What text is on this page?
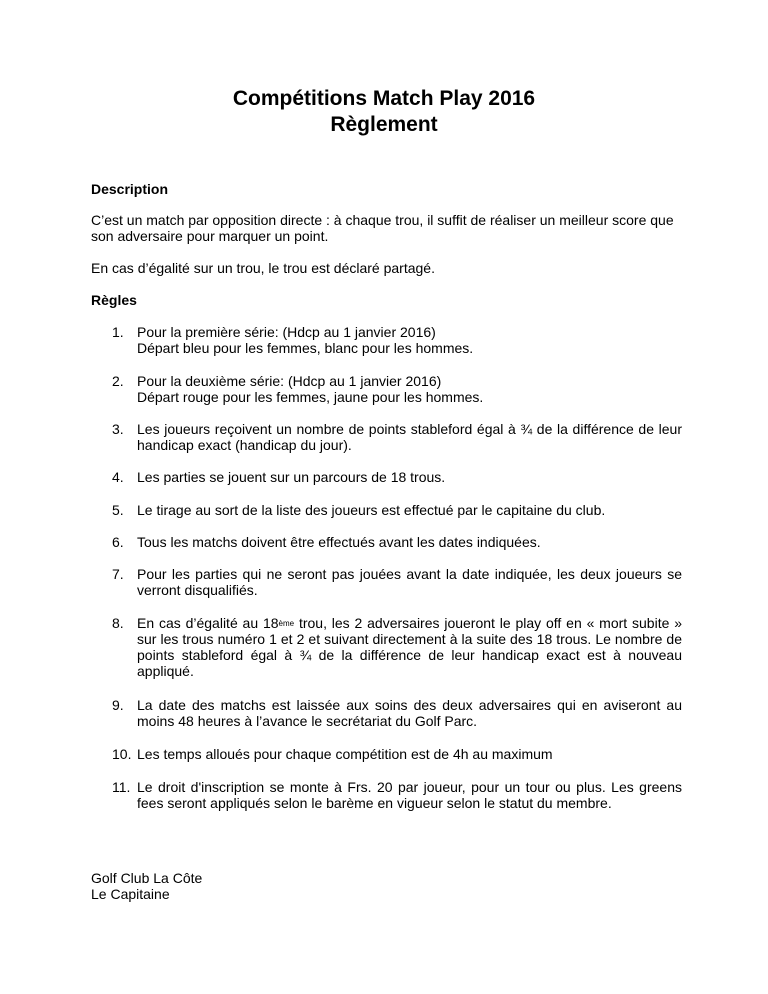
Compétitions Match Play 2016
Règlement
Description
C’est un match par opposition directe : à chaque trou, il suffit de réaliser un meilleur score que son adversaire pour marquer un point.
En cas d’égalité sur un trou, le trou est déclaré partagé.
Règles
1. Pour la première série: (Hdcp au 1 janvier 2016)
Départ bleu pour les femmes, blanc pour les hommes.
2. Pour la deuxième série: (Hdcp au 1 janvier 2016)
Départ rouge pour les femmes, jaune pour les hommes.
3. Les joueurs reçoivent un nombre de points stableford égal à ¾ de la différence de leur handicap exact (handicap du jour).
4. Les parties se jouent sur un parcours de 18 trous.
5. Le tirage au sort de la liste des joueurs est effectué par le capitaine du club.
6. Tous les matchs doivent être effectués avant les dates indiquées.
7. Pour les parties qui ne seront pas jouées avant la date indiquée, les deux joueurs se verront disqualifiés.
8. En cas d’égalité au 18ème trou, les 2 adversaires joueront le play off en « mort subite » sur les trous numéro 1 et 2 et suivant directement à la suite des 18 trous. Le nombre de points stableford égal à ¾ de la différence de leur handicap exact est à nouveau appliqué.
9. La date des matchs est laissée aux soins des deux adversaires qui en aviseront au moins 48 heures à l’avance le secrétariat du Golf Parc.
10. Les temps alloués pour chaque compétition est de 4h au maximum
11. Le droit d'inscription se monte à Frs. 20 par joueur, pour un tour ou plus. Les greens fees seront appliqués selon le barème en vigueur selon le statut du membre.
Golf Club La Côte
Le Capitaine
